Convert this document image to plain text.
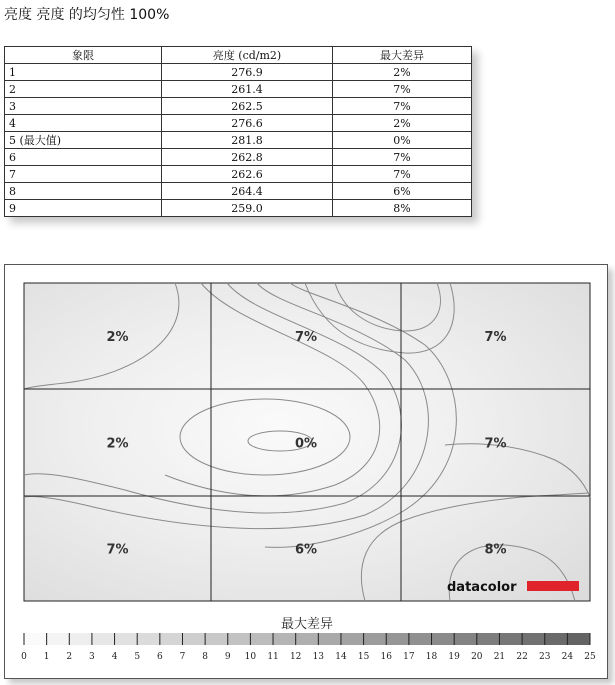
亮度 亮度 的均匀性 100%
象限	亮度 (cd/m2)	最大差异
1	276.9	2%
2	261.4	7%
3	262.5	7%
4	276.6	2%
5 (最大值)	281.8	0%
6	262.8	7%
7	262.6	7%
8	264.4	6%
9	259.0	8%
2%	7%	7%
2%	0%	7%
7%	6%	8%
datacolor
最大差异
0 1 2 3 4 5 6 7 8 9 10 11 12 13 14 15 16 17 18 19 20 21 22 23 24 25
